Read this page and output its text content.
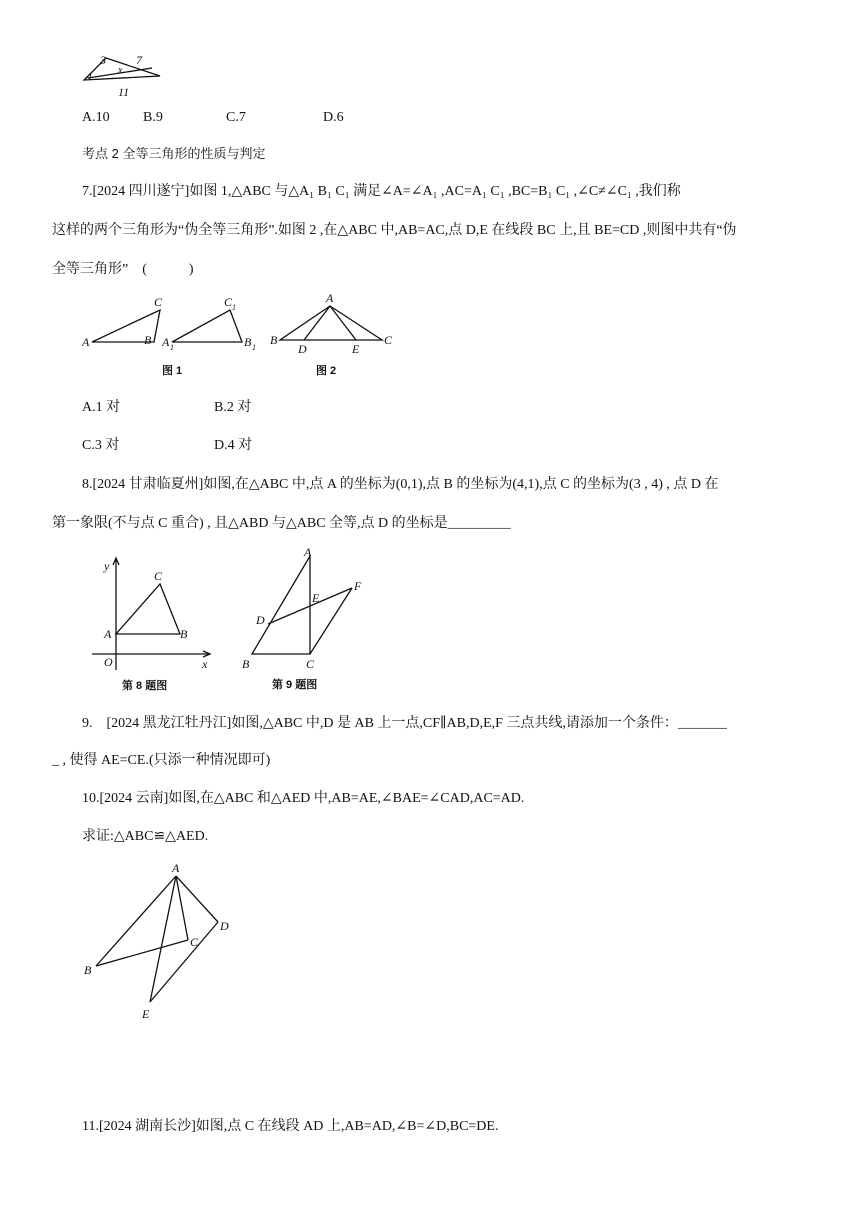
3	7
4	x
11
A.10 B.9	C.7	D.6
考点 2 全等三角形的性质与判定
7.[2024 四川遂宁]如图 1,△ABC 与△A₁ B₁ C₁ 满足∠A=∠A₁ ,AC=A₁ C₁ ,BC=B₁ C₁ ,∠C≠∠C₁ ,我们称
这样的两个三角形为“伪全等三角形”.如图 2 ,在△ABC 中,AB=AC,点 D,E 在线段 BC 上,且 BE=CD ,则图中共有“伪
全等三角形”　(　　　)
A	B
C
A 1	B 1
C 1
图 1
A
B	C
D	E
图 2
A.1 对	B.2 对
C.3 对	D.4 对
8.[2024 甘肃临夏州]如图,在△ABC 中,点 A 的坐标为(0,1),点 B 的坐标为(4,1),点 C 的坐标为(3 , 4) , 点 D 在
第一象限(不与点 C 重合) , 且△ABD 与△ABC 全等,点 D 的坐标是_________
y
x
O
A	B
C
第 8 题图
A
B	C
D
E
F
第 9 题图
9.　[2024 黑龙江牡丹江]如图,△ABC 中,D 是 AB 上一点,CF∥AB,D,E,F 三点共线,请添加一个条件：_______
_ , 使得 AE=CE.(只添一种情况即可)
10.[2024 云南]如图,在△ABC 和△AED 中,AB=AE,∠BAE=∠CAD,AC=AD.
求证:△ABC≌△AED.
A
B
C
D
E
11.[2024 湖南长沙]如图,点 C 在线段 AD 上,AB=AD,∠B=∠D,BC=DE.
